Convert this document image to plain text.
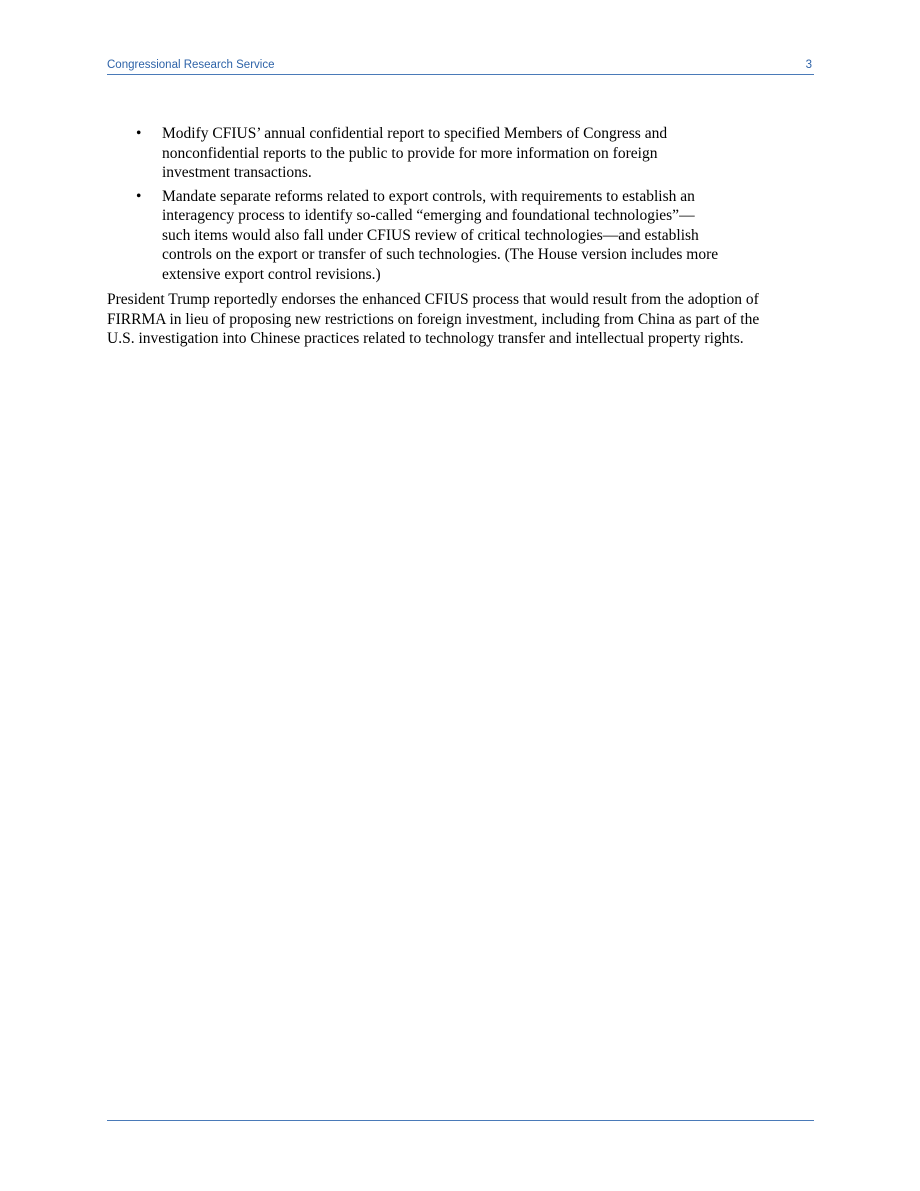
Congressional Research Service	3
• Modify CFIUS’ annual confidential report to specified Members of Congress and
nonconfidential reports to the public to provide for more information on foreign
investment transactions.
• Mandate separate reforms related to export controls, with requirements to establish an
interagency process to identify so-called “emerging and foundational technologies”—
such items would also fall under CFIUS review of critical technologies—and establish
controls on the export or transfer of such technologies. (The House version includes more
extensive export control revisions.)

President Trump reportedly endorses the enhanced CFIUS process that would result from the adoption of
FIRRMA in lieu of proposing new restrictions on foreign investment, including from China as part of the
U.S. investigation into Chinese practices related to technology transfer and intellectual property rights.
